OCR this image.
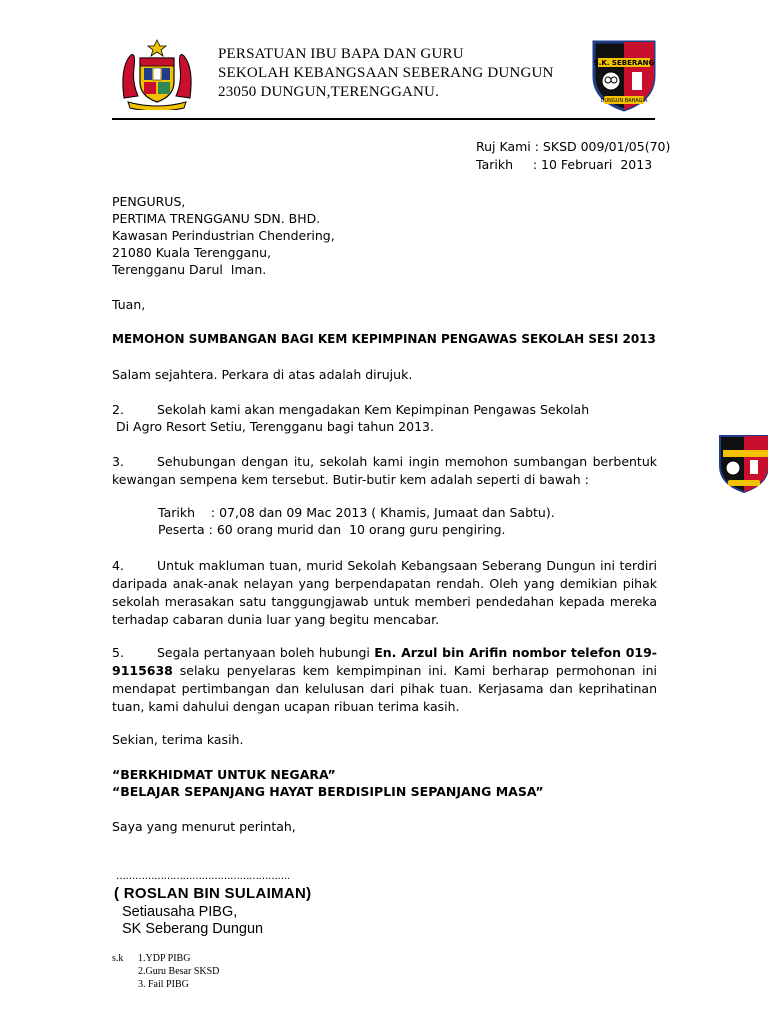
PERSATUAN IBU BAPA DAN GURU
SEKOLAH KEBANGSAAN SEBERANG DUNGUN
23050 DUNGUN,TERENGGANU.
S.K. SEBERANG
DUNGUN BAHAGIA
Ruj Kami : SKSD 009/01/05(70)
Tarikh     : 10 Februari  2013
PENGURUS,
PERTIMA TRENGGANU SDN. BHD.
Kawasan Perindustrian Chendering,
21080 Kuala Terengganu,
Terengganu Darul  Iman.
Tuan,
MEMOHON SUMBANGAN BAGI KEM KEPIMPINAN PENGAWAS SEKOLAH SESI 2013
Salam sejahtera. Perkara di atas adalah dirujuk.
2.	Sekolah kami akan mengadakan Kem Kepimpinan Pengawas Sekolah
Di Agro Resort Setiu, Terengganu bagi tahun 2013.
3.	Sehubungan dengan itu, sekolah kami ingin memohon sumbangan berbentuk kewangan sempena kem tersebut. Butir-butir kem adalah seperti di bawah :
Tarikh    : 07,08 dan 09 Mac 2013 ( Khamis, Jumaat dan Sabtu).
Peserta : 60 orang murid dan  10 orang guru pengiring.
4.	Untuk makluman tuan, murid Sekolah Kebangsaan Seberang Dungun ini terdiri daripada anak-anak nelayan yang berpendapatan rendah. Oleh yang demikian pihak sekolah merasakan satu tanggungjawab untuk memberi pendedahan kepada mereka terhadap cabaran dunia luar yang begitu mencabar.
5.	Segala pertanyaan boleh hubungi En. Arzul bin Arifin nombor telefon 019-9115638 selaku penyelaras kem kempimpinan ini. Kami berharap permohonan ini mendapat pertimbangan dan kelulusan dari pihak tuan. Kerjasama dan keprihatinan tuan, kami dahului dengan ucapan ribuan terima kasih.
Sekian, terima kasih.
“BERKHIDMAT UNTUK NEGARA”
“BELAJAR SEPANJANG HAYAT BERDISIPLIN SEPANJANG MASA”
Saya yang menurut perintah,
……………………………………………….
( ROSLAN BIN SULAIMAN)
Setiausaha PIBG,
SK Seberang Dungun
s.k 1.YDP PIBG
2.Guru Besar SKSD
3. Fail PIBG
